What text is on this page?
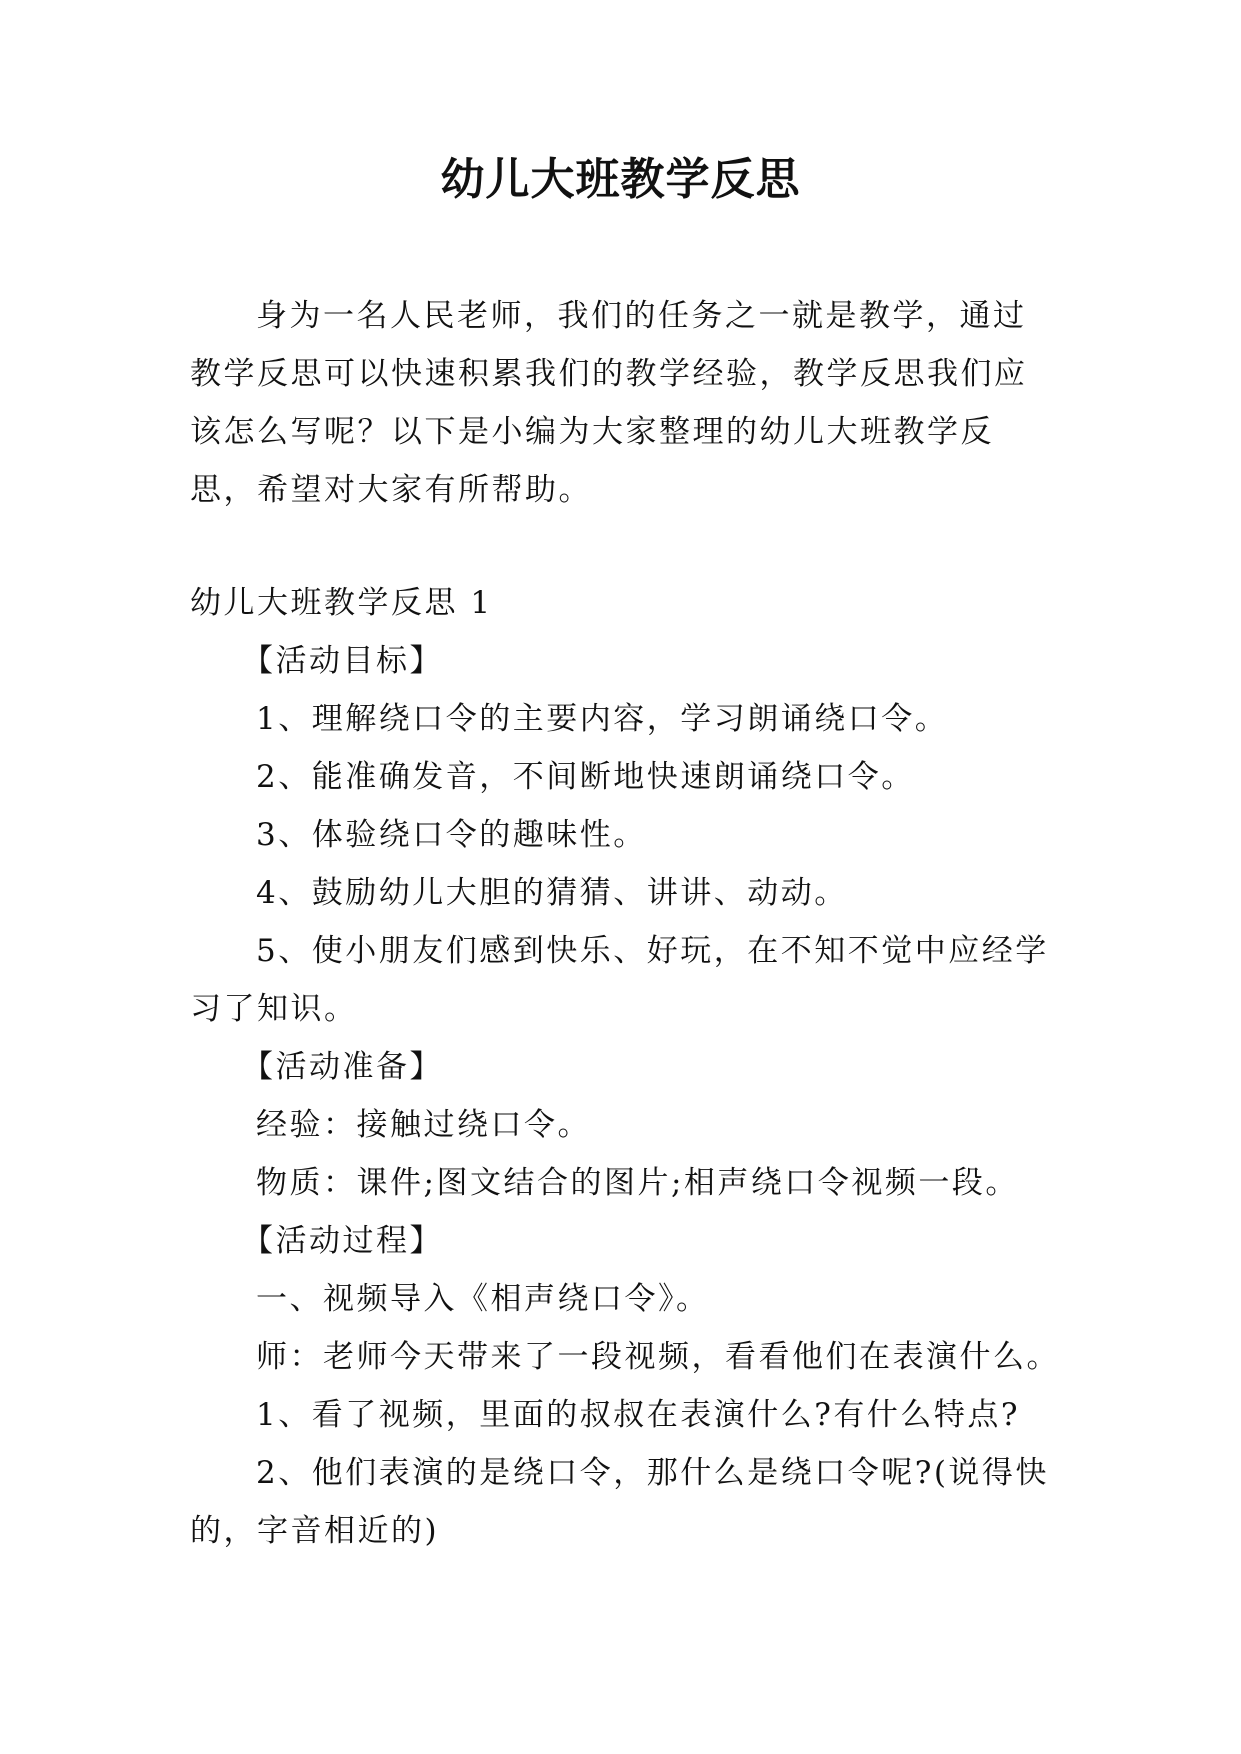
幼儿大班教学反思

身为一名人民老师，我们的任务之一就是教学，通过教学反思可以快速积累我们的教学经验，教学反思我们应该怎么写呢？以下是小编为大家整理的幼儿大班教学反思，希望对大家有所帮助。

幼儿大班教学反思 1
【活动目标】
1、理解绕口令的主要内容，学习朗诵绕口令。
2、能准确发音，不间断地快速朗诵绕口令。
3、体验绕口令的趣味性。
4、鼓励幼儿大胆的猜猜、讲讲、动动。
5、使小朋友们感到快乐、好玩，在不知不觉中应经学习了知识。
【活动准备】
经验：接触过绕口令。
物质：课件;图文结合的图片;相声绕口令视频一段。
【活动过程】
一、视频导入《相声绕口令》。
师：老师今天带来了一段视频，看看他们在表演什么。
1、看了视频，里面的叔叔在表演什么?有什么特点?
2、他们表演的是绕口令，那什么是绕口令呢?(说得快的，字音相近的)
